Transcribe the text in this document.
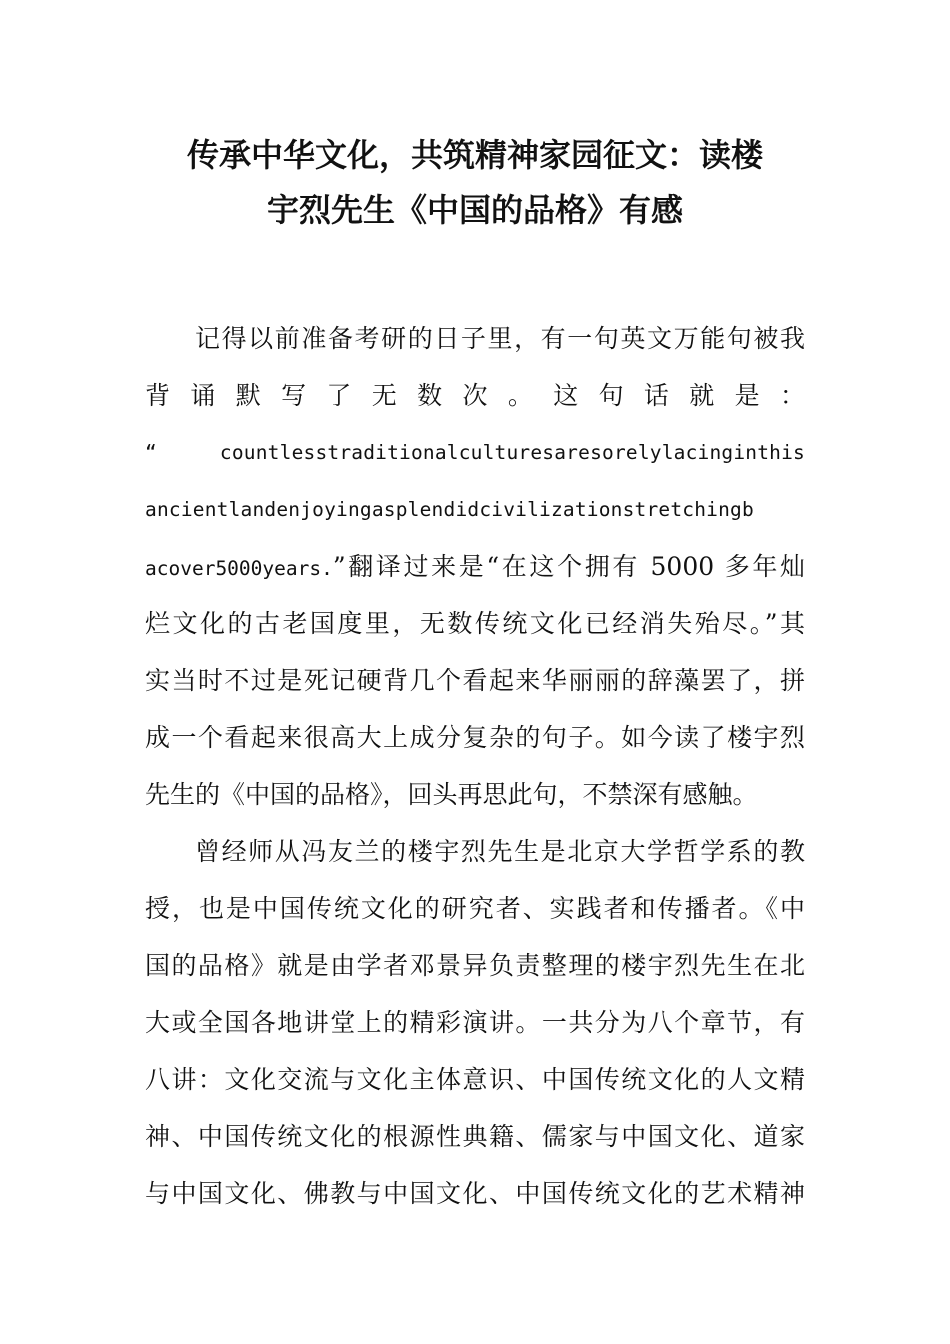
传承中华文化，共筑精神家园征文：读楼
宇烈先生《中国的品格》有感
记得以前准备考研的日子里，有一句英文万能句被我
背 诵 默 写 了 无 数 次 。 这 句 话 就 是 ：
“ countlesstraditionalculturesaresorelylacinginthis
ancientlandenjoyingasplendidcivilizationstretchingb
acover5000years.”翻译过来是“在这个拥有 5000 多年灿
烂文化的古老国度里，无数传统文化已经消失殆尽。”其
实当时不过是死记硬背几个看起来华丽丽的辞藻罢了，拼
成一个看起来很高大上成分复杂的句子。如今读了楼宇烈
先生的《中国的品格》，回头再思此句，不禁深有感触。
曾经师从冯友兰的楼宇烈先生是北京大学哲学系的教
授，也是中国传统文化的研究者、实践者和传播者。《中
国的品格》就是由学者邓景异负责整理的楼宇烈先生在北
大或全国各地讲堂上的精彩演讲。一共分为八个章节，有
八讲：文化交流与文化主体意识、中国传统文化的人文精
神、中国传统文化的根源性典籍、儒家与中国文化、道家
与中国文化、佛教与中国文化、中国传统文化的艺术精神
